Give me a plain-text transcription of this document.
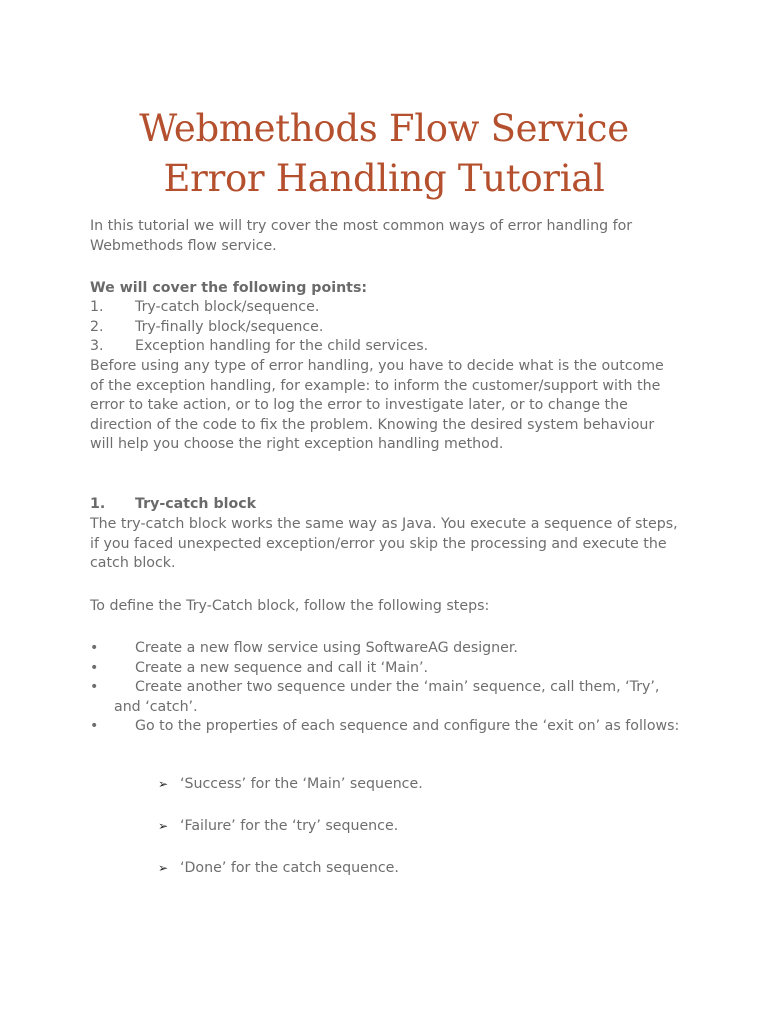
Webmethods Flow Service
Error Handling Tutorial

In this tutorial we will try cover the most common ways of error handling for Webmethods flow service.

We will cover the following points:
1. Try-catch block/sequence.
2. Try-finally block/sequence.
3. Exception handling for the child services.

Before using any type of error handling, you have to decide what is the outcome of the exception handling, for example: to inform the customer/support with the error to take action, or to log the error to investigate later, or to change the direction of the code to fix the problem. Knowing the desired system behaviour will help you choose the right exception handling method.

1. Try-catch block

The try-catch block works the same way as Java. You execute a sequence of steps, if you faced unexpected exception/error you skip the processing and execute the catch block.

To define the Try-Catch block, follow the following steps:

•	Create a new flow service using SoftwareAG designer.
•	Create a new sequence and call it ‘Main’.
•	Create another two sequence under the ‘main’ sequence, call them, ‘Try’, and ‘catch’.
•	Go to the properties of each sequence and configure the ‘exit on’ as follows:
➢ ‘Success’ for the ‘Main’ sequence.
➢ ‘Failure’ for the ‘try’ sequence.
➢ ‘Done’ for the catch sequence.
